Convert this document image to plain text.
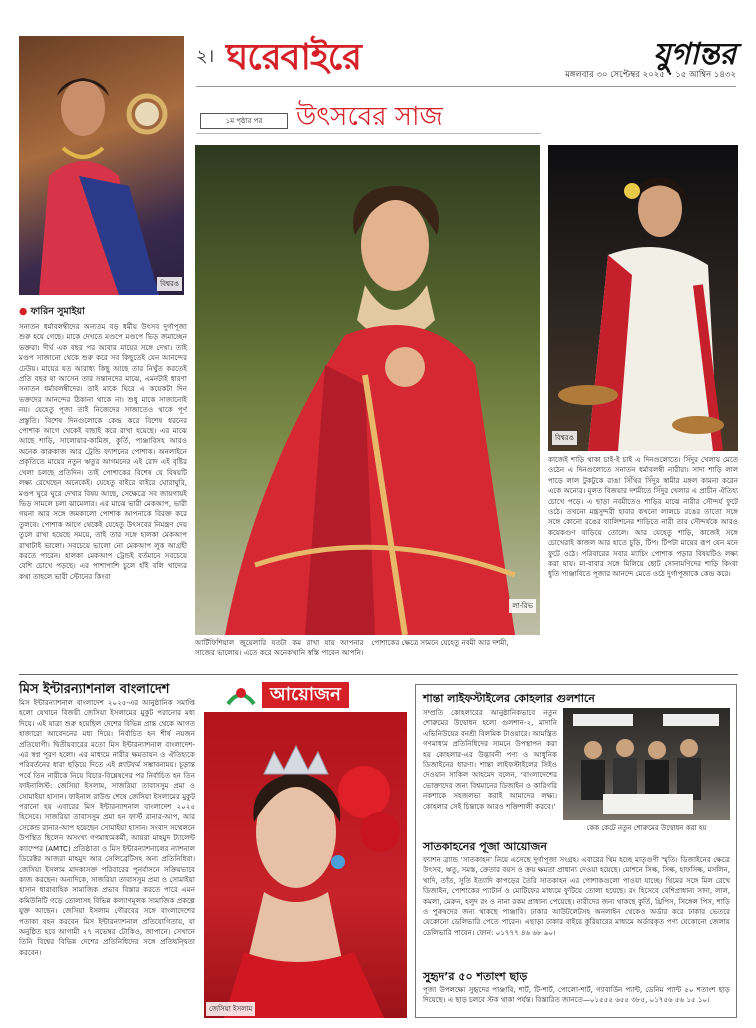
২। ঘরেবাইরে	যুগান্তর
মঙ্গলবার ৩০ সেপ্টেম্বর ২০২৫ • ১৫ আশ্বিন ১৪৩২
বিশ্বরঙ
১ম পৃষ্ঠার পর	উৎসবের সাজ
লা-রিভ
বিশ্বরঙ
● ফারিন সুমাইয়া

সনাতন ধর্মাবলম্বীদের অন্যতম বড় ধর্মীয় উৎসব দুর্গাপূজা শুরু হয়ে গেছে। মাকে দেখতে মণ্ডপে মণ্ডপে ভিড় জমাচ্ছেন ভক্তরা। দীর্ঘ এক বছর পর আবার মায়ের সঙ্গে দেখা। তাই মণ্ডপ সাজানো থেকে শুরু করে সব কিছুতেই যেন আনন্দের ঢেউয়। মায়ের যত আরাধ্য কিছু আছে তার নিখুঁত করতেই প্রতি বছর যা আসেন তার সন্তানদের মাঝে, এমনটাই ধারণা সনাতন ধর্মাবলম্বীদের। তাই মাকে ঘিরে এ কয়েকটা দিন ভক্তদের আনন্দের ঠিকানা থাকে না। শুধু মাকে সাজানোই নয়। যেহেতু পূজা তাই নিজেদের সাজাতেও থাকে পূর্ণ প্রস্তুতি। বিশেষ দিনগুলোকে কেন্দ্র করে বিশেষ ধরনের পোশাক আগে থেকেই বাছাই করে রাখা হয়েছে। এর মাঝে আছে শাড়ি, সালোয়ার-কামিজ, কুর্তি, পাঞ্জাবিসহ আরও অনেক কারুকাজ আর ট্রেন্ডি ফ্যাশনের পোশাক। অনলাইনে প্রকৃতিতে মায়ের নতুন ঋতুর আগমনের এই রোদ এই বৃষ্টির খেলা চলছে প্রতিদিন। তাই পোশাকের বিশেষ যে বিষয়টি লক্ষ্য রেখেছেন অনেকেই। যেহেতু বাইরে বাইরে ঘোরাঘুরি, মণ্ডপ ঘুরে ঘুরে দেখার বিষয় আছে, সেক্ষেত্রে সব জায়গায়ই ভিড় সামলে চলা ঝামেলার। এর মাঝে ভারী মেকআপ, ভারী গয়না আর সঙ্গে জমকালো পোশাক আপনাকে বিরক্ত করে তুলবে। পোশাক আগে থেকেই যেহেতু উৎসবের নিমন্ত্রণ দেয় তুলে রাখা হয়েছে সময়ে, তাই তার সঙ্গে হালকা মেকআপ রাখাটাই ভালো। সবচেয়ে ভালো নো মেকআপ লুক আগ্রহী করতে পারেন। হালকা মেকআপ ট্রেন্ডই বর্তমানে সবচেয়ে বেশি চোখে পড়ছে। এর পাশাপাশি চুলে হাঁই বলি খাদ্যের কথা তাহলে ভারী স্টোনের কিংবা

আর্টিফিশিয়াল জুয়েলারি যতটা কম রাখা যায় আপনার সাজের ভালোয়। এতে করে অনেকখানি স্বস্তি পাবেন আপনি। পোশাকের ক্ষেত্রে সামনে যেহেতু নবমী আর দশমী,

কাজেই শাড়ি থাকা চাই-ই চাই এ দিনগুলোতে। সিঁদুর খেলায় মেতে ওঠেন এ দিনগুলোতে সনাতন ধর্মাবলম্বী নারীরা। সাদা শাড়ি লাল পাড়ে লাল টুকটুকে রাঙা সিঁথির সিঁদুর স্বামীর মঙ্গল কামনা করেন একে অন্যের। মূলত বিজয়ার দশমীতে সিঁদুর খেলার এ প্রাচীন ঐতিহ্য চোখে পড়ে। এ ছাড়া নবমীতেও শাড়ির মাঝে নারীর সৌন্দর্য ফুটে ওঠে। তখনো মন্ত্রসুন্দরী হাবার কখনো লালচে রঙের তাতো সঙ্গে সঙ্গে কোনো রঙের ব্যালিশনের শাড়িতে নারী তার সৌন্দর্যকে আরও কয়েকগুণ বাড়িয়ে তোলে। আর যেহেতু শাড়ি, কাজেই সঙ্গে চোখেরাই কাজল আর হাতে চুড়ি, টিপ। টিপটা মায়ের রূপ যেন মনে ফুটে ওঠে। পরিবারের সবার ম্যাচিং পোশাক পড়ার বিষয়টিও লক্ষ্য করা যায়। মা-বাবার সঙ্গে মিলিয়ে ছোট সোনামণিদের শাড়ি কিংবা ধুতি পাঞ্জাবিতে পূজার আনন্দে মেতে ওঠে দুর্গাপূজাকে কেন্দ্র করে।

মিস ইন্টারন্যাশনাল বাংলাদেশ

মিস ইন্টারন্যাশনাল বাংলাদেশ ২০২৫-এর আনুষ্ঠানিক সমাপ্তি হলো যেখানে বিজয়ী জেসিয়া ইসলামের মুকুট পরানোর মধ্য দিয়ে। এই যাত্রা শুরু হয়েছিল দেশের বিভিন্ন প্রান্ত থেকে আগত হাজারো আবেদনের মধ্য দিয়ে। নির্বাচিত হন শীর্ষ নয়জন প্রতিযোগী। দ্বিতীয়বারের মতো মিস ইন্টারন্যাশনাল বাংলাদেশ-এর স্বপ্ন পূরণ হলো। এর মাধ্যমে নারীর ক্ষমতায়ন ও ঐতিহ্যকে পরিবর্তনের ধারা ছড়িয়ে দিতে এই প্ল্যাটফর্ম সম্ভাবনাময়। চূড়ান্ত পর্বে তিন নারীকে নিয়ে বিচার-বিশ্লেষণের পর নির্বাচিত হন তিন ফাইনালিস্ট: জেসিয়া ইসলাম, সাজরিয়া তাবাসসুম প্রমা ও সোমাইয়া হাসান। ফাইনাল রাউন্ড শেষে জেসিয়া ইসলামের মুকুট পরানো হয় এবারের মিস ইন্টারন্যাশনাল বাংলাদেশ ২০২৫ হিসেবে। সাজরিয়া তাবাসসুম প্রমা হন ফার্স্ট রানার-আপ, আর সেকেন্ড রানার-আপ হয়েছেন সোমাইয়া হাসান। সংবাদ সম্মেলনে উপস্থিত ছিলেন অসংখ্য গণমাধ্যমকর্মী, আয়রা মাহমুদ ট্যালেন্ট ক্যাম্পের (AMTC) প্রতিষ্ঠাতা ও মিস ইন্টারন্যাশনালের ন্যাশনাল ডিরেক্টর আজরা মাহমুদ আর সেলিব্রেটিসহ অন্য প্রতিনিধিরা। জেসিয়া ইসলাম মাদকাসক্ত পরিবারের পুনর্বাসনে সক্রিয়ভাবে কাজ করছেন। অন্যদিকে, সাজরিয়া তাবাসসুম প্রমা ও সোমাইয়া হাসান ধারাবাহিক সামাজিক প্রভাব বিস্তার করতে পারে এমন কমিউনিটি গড়ে তোলাসহ বিভিন্ন কল্যাণমূলক সামাজিক প্রকল্পে যুক্ত আছেন। জেসিয়া ইসলাম গৌরবের সঙ্গে বাংলাদেশের পতাকা বহন করবেন মিস ইন্টারন্যাশনাল প্রতিযোগিতায়, যা অনুষ্ঠিত হবে আগামী ২৭ নভেম্বর টোকিও, জাপানে। সেখানে তিনি বিশ্বের বিভিন্ন দেশের প্রতিনিধিদের সঙ্গে প্রতিদ্বন্দ্বিতা করবেন।

আয়োজন
জেসিয়া ইসলাম
শান্তা লাইফস্টাইলের কোহলার গুলশানে

সম্প্রতি কোহলারের আনুষ্ঠানিকভাবে নতুন শোরুমের উদ্বোধন হলো গুলশান-২, মাদানি এভিনিউয়ের বনশ্রী বিলমিক টাওয়ারে। আমন্ত্রিত গণমাধ্যম প্রতিনিধিদের সামনে উপস্থাপন করা হয় কোহলার-এর উদ্ভাবনী পণ্য ও আধুনিক ডিজাইনের ধারণা। শান্তা লাইফস্টাইলের সিইও দেওয়ান সাকিল আহমেদ বলেন, ‘বাংলাদেশের ভোক্তাদের জন্য বিশ্বমানের ডিজাইন ও কারিগরি নকশাকে সহজলভ্য করাই আমাদের লক্ষ্য। কোহলার সেই চিন্তাকে আরও শক্তিশালী করবে।’

কেক কেটে নতুন শোরুমের উদ্বোধন করা হয়
সাতকাহনের পূজা আয়োজন

ফ্যাশন ব্র্যান্ড ‘সাতকাহন’ নিয়ে এসেছে দুর্গাপূজা সংগ্রহ। এবারের থিম হচ্ছে মাতৃগুণী স্মৃতি। ডিজাইনের ক্ষেত্রে উৎসব, ঋতু, সমস্ত, ক্রেতার বয়স ও ক্রয় ক্ষমতা প্রাধান্য দেওয়া হয়েছে। মোশনে সিল্ক, সিল্ক, হাফসিল্ক, মসলিন, খাদি, তাঁত, সুতি ইত্যাদি কাপড়ের তৈরি সাতকাহন এর পোশাকগুলো পাওয়া যাচ্ছে। থিমের সঙ্গে মিল রেখে ডিজাইন, পোশাকের প্যাটার্ন ও মোটিফের মাধ্যমে ফুটিয়ে তোলা হয়েছে। রং হিসেবে বেশিপ্রাধান্য সাদা, লাল, কমলা, মেরুন, হলুদ রং ও নানা রকম প্রাধান্য পেয়েছে। নারীদের জন্য থাকছে কুর্তি, থ্রিপিস, সিঙ্গেল পিস, শাড়ি ও পুরুষদের জন্য থাকছে পাঞ্জাবি। ঢাকার আউটলেটসহ অনলাইন থেকেও অর্ডার করে ঢাকার ভেতরে যেকোনো ডেলিভারি পেতে পারেন। এছাড়া ঢাকার বাইরে কুরিয়ারের মাধ্যমে অর্ডারকৃত পণ্য যেকোনো জেলায় ডেলিভারি পাবেন। ফোন: ০১৭৭৭ ৪৬ ৬৮ ৯০।

সুহৃদ’র ৫০ শতাংশ ছাড়

পূজা উপলক্ষ্যে সুহৃদের পাঞ্জাবি, শার্ট, টি-শার্ট, পোলো-শার্ট, গ্যাবার্ডিন প্যান্ট, ডেনিম প্যান্ট ৫০ শতাংশ ছাড় দিয়েছে। এ ছাড় চলবে স্টক থাকা পর্যন্ত। বিস্তারিত জানতে—০১৫৫৫ ৬৫৫ ৩৮৫, ০১৭৫৬ ৫৬ ১৫ ১০।
